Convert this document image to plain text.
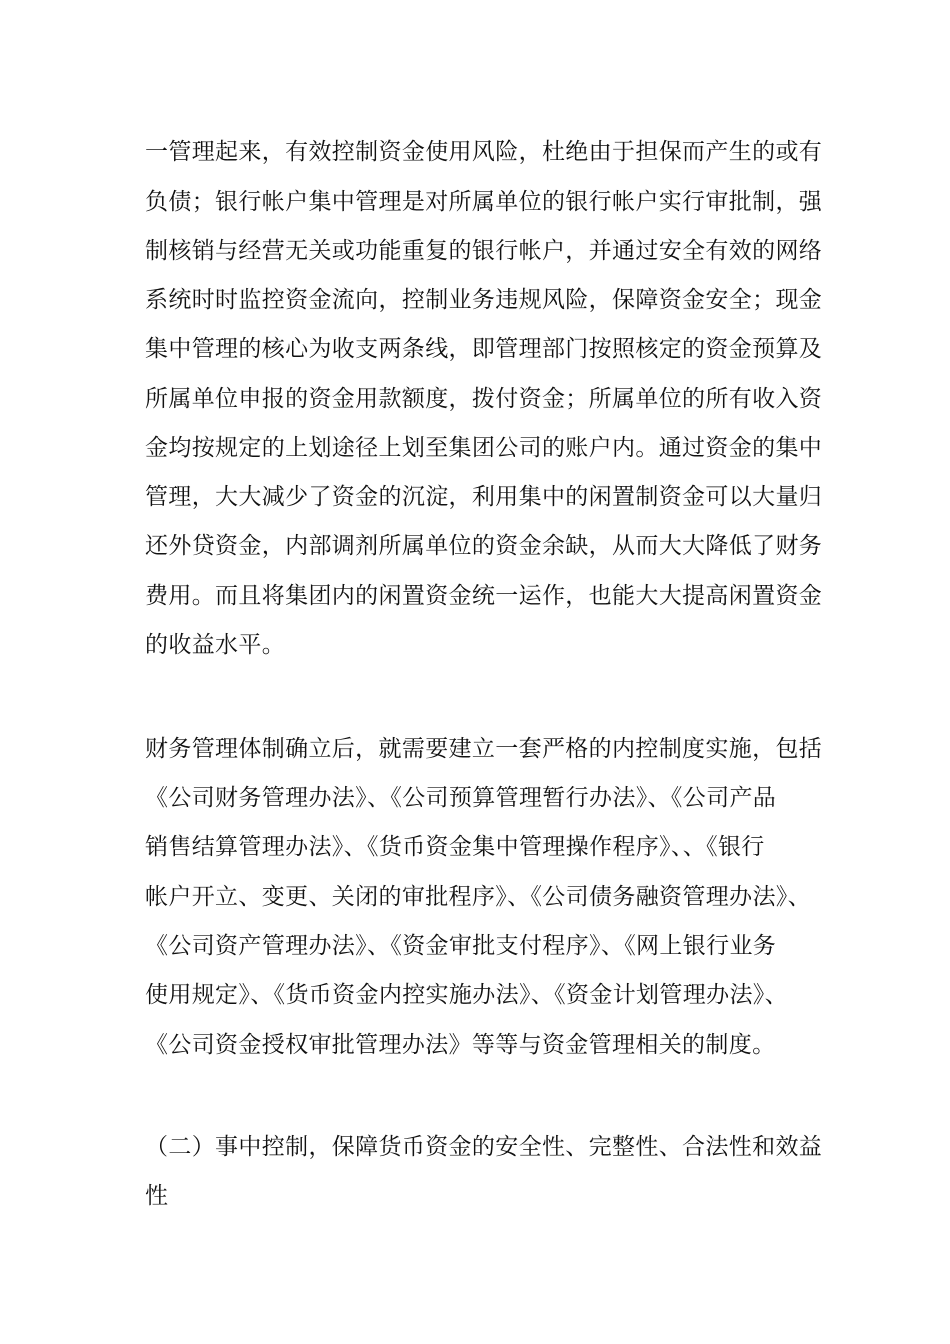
一管理起来，有效控制资金使用风险，杜绝由于担保而产生的或有
负债；银行帐户集中管理是对所属单位的银行帐户实行审批制，强
制核销与经营无关或功能重复的银行帐户，并通过安全有效的网络
系统时时监控资金流向，控制业务违规风险，保障资金安全；现金
集中管理的核心为收支两条线，即管理部门按照核定的资金预算及
所属单位申报的资金用款额度，拨付资金；所属单位的所有收入资
金均按规定的上划途径上划至集团公司的账户内。通过资金的集中
管理，大大减少了资金的沉淀，利用集中的闲置制资金可以大量归
还外贷资金，内部调剂所属单位的资金余缺，从而大大降低了财务
费用。而且将集团内的闲置资金统一运作，也能大大提高闲置资金
的收益水平。
财务管理体制确立后，就需要建立一套严格的内控制度实施，包括
《公司财务管理办法》、《公司预算管理暂行办法》、《公司产品
销售结算管理办法》、《货币资金集中管理操作程序》、、《银行
帐户开立、变更、关闭的审批程序》、《公司债务融资管理办法》、
《公司资产管理办法》、《资金审批支付程序》、《网上银行业务
使用规定》、《货币资金内控实施办法》、《资金计划管理办法》、
《公司资金授权审批管理办法》等等与资金管理相关的制度。
（二）事中控制，保障货币资金的安全性、完整性、合法性和效益
性
